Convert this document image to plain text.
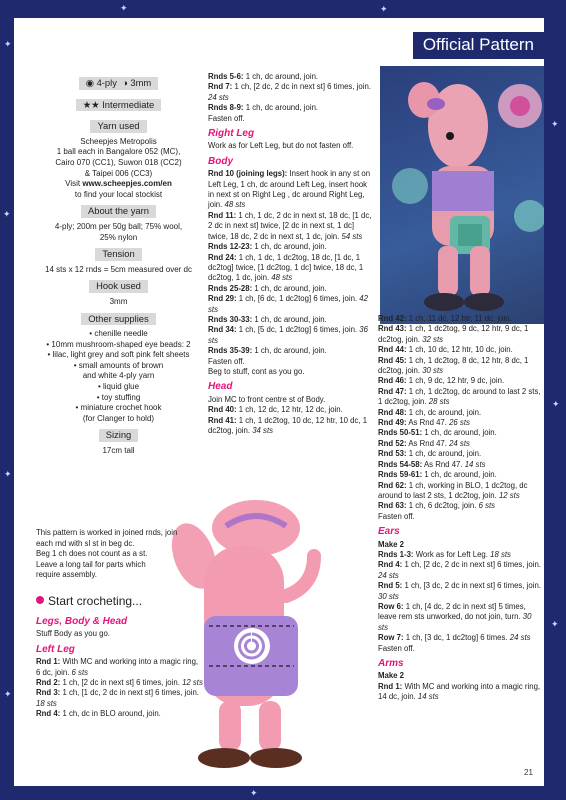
✦
✦
✦
✦
✦	✦
✦
✦
✦
✦
Official Pattern
◉ 4-ply ◑ 3mm
★★ Intermediate
Yarn used
Scheepjes Metropolis
1 ball each in Bangalore 052 (MC),
Cairo 070 (CC1), Suwon 018 (CC2)
& Taipei 006 (CC3)
Visit www.scheepjes.com/en
to find your local stockist
About the yarn
4-ply; 200m per 50g ball; 75% wool,
25% nylon
Tension
14 sts x 12 rnds = 5cm measured over dc
Hook used
3mm
Other supplies
• chenille needle
• 10mm mushroom-shaped eye beads: 2
• lilac, light grey and soft pink felt sheets
• small amounts of brown
and white 4-ply yarn
• liquid glue
• toy stuffing
• miniature crochet hook
(for Clanger to hold)
Sizing
17cm tall

Rnds 5-6: 1 ch, dc around, join.

Rnd 7: 1 ch, [2 dc, 2 dc in next st] 6 times, join. 24 sts

Rnds 8-9: 1 ch, dc around, join.

Fasten off.

Right Leg

Work as for Left Leg, but do not fasten off.

Body

Rnd 10 (joining legs): Insert hook in any st on Left Leg, 1 ch, dc around Left Leg, insert hook in next st on Right Leg , dc around Right Leg, join. 48 sts

Rnd 11: 1 ch, 1 dc, 2 dc in next st, 18 dc, [1 dc, 2 dc in next st] twice, [2 dc in next st, 1 dc] twice, 18 dc, 2 dc in next st, 1 dc, join. 54 sts

Rnds 12-23: 1 ch, dc around, join.

Rnd 24: 1 ch, 1 dc, 1 dc2tog, 18 dc, [1 dc, 1 dc2tog] twice, [1 dc2tog, 1 dc] twice, 18 dc, 1 dc2tog, 1 dc, join. 48 sts

Rnds 25-28: 1 ch, dc around, join.

Rnd 29: 1 ch, [6 dc, 1 dc2tog] 6 times, join. 42 sts

Rnds 30-33: 1 ch, dc around, join.

Rnd 34: 1 ch, [5 dc, 1 dc2tog] 6 times, join. 36 sts

Rnds 35-39: 1 ch, dc around, join.

Fasten off.

Beg to stuff, cont as you go.

Head

Join MC to front centre st of Body.

Rnd 40: 1 ch, 12 dc, 12 htr, 12 dc, join.

Rnd 41: 1 ch, 1 dc2tog, 10 dc, 12 htr, 10 dc, 1 dc2tog, join. 34 sts

Rnd 42: 1 ch, 11 dc, 12 htr, 11 dc, join.

Rnd 43: 1 ch, 1 dc2tog, 9 dc, 12 htr, 9 dc, 1 dc2tog, join. 32 sts

Rnd 44: 1 ch, 10 dc, 12 htr, 10 dc, join.

Rnd 45: 1 ch, 1 dc2tog, 8 dc, 12 htr, 8 dc, 1 dc2tog, join. 30 sts

Rnd 46: 1 ch, 9 dc, 12 htr, 9 dc, join.

Rnd 47: 1 ch, 1 dc2tog, dc around to last 2 sts, 1 dc2tog, join. 28 sts

Rnd 48: 1 ch, dc around, join.

Rnd 49: As Rnd 47. 26 sts

Rnds 50-51: 1 ch, dc around, join.

Rnd 52: As Rnd 47. 24 sts

Rnd 53: 1 ch, dc around, join.

Rnds 54-58: As Rnd 47. 14 sts

Rnds 59-61: 1 ch, dc around, join.

Rnd 62: 1 ch, working in BLO, 1 dc2tog, dc around to last 2 sts, 1 dc2tog, join. 12 sts

Rnd 63: 1 ch, 6 dc2tog, join. 6 sts

Fasten off.

Ears

Make 2

Rnds 1-3: Work as for Left Leg. 18 sts

Rnd 4: 1 ch, [2 dc, 2 dc in next st] 6 times, join. 24 sts

Rnd 5: 1 ch, [3 dc, 2 dc in next st] 6 times, join. 30 sts

Row 6: 1 ch, [4 dc, 2 dc in next st] 5 times, leave rem sts unworked, do not join, turn. 30 sts

Row 7: 1 ch, [3 dc, 1 dc2tog] 6 times. 24 sts

Fasten off.

Arms

Make 2

Rnd 1: With MC and working into a magic ring, 14 dc, join. 14 sts

This pattern is worked in joined rnds, join
each rnd with sl st in beg dc.
Beg 1 ch does not count as a st.
Leave a long tail for parts which
require assembly.
Start crocheting...
Legs, Body & Head

Stuff Body as you go.

Left Leg

Rnd 1: With MC and working into a magic ring, 6 dc, join. 6 sts

Rnd 2: 1 ch, [2 dc in next st] 6 times, join. 12 sts

Rnd 3: 1 ch, [1 dc, 2 dc in next st] 6 times, join. 18 sts

Rnd 4: 1 ch, dc in BLO around, join.

21
PassionForum.ru
